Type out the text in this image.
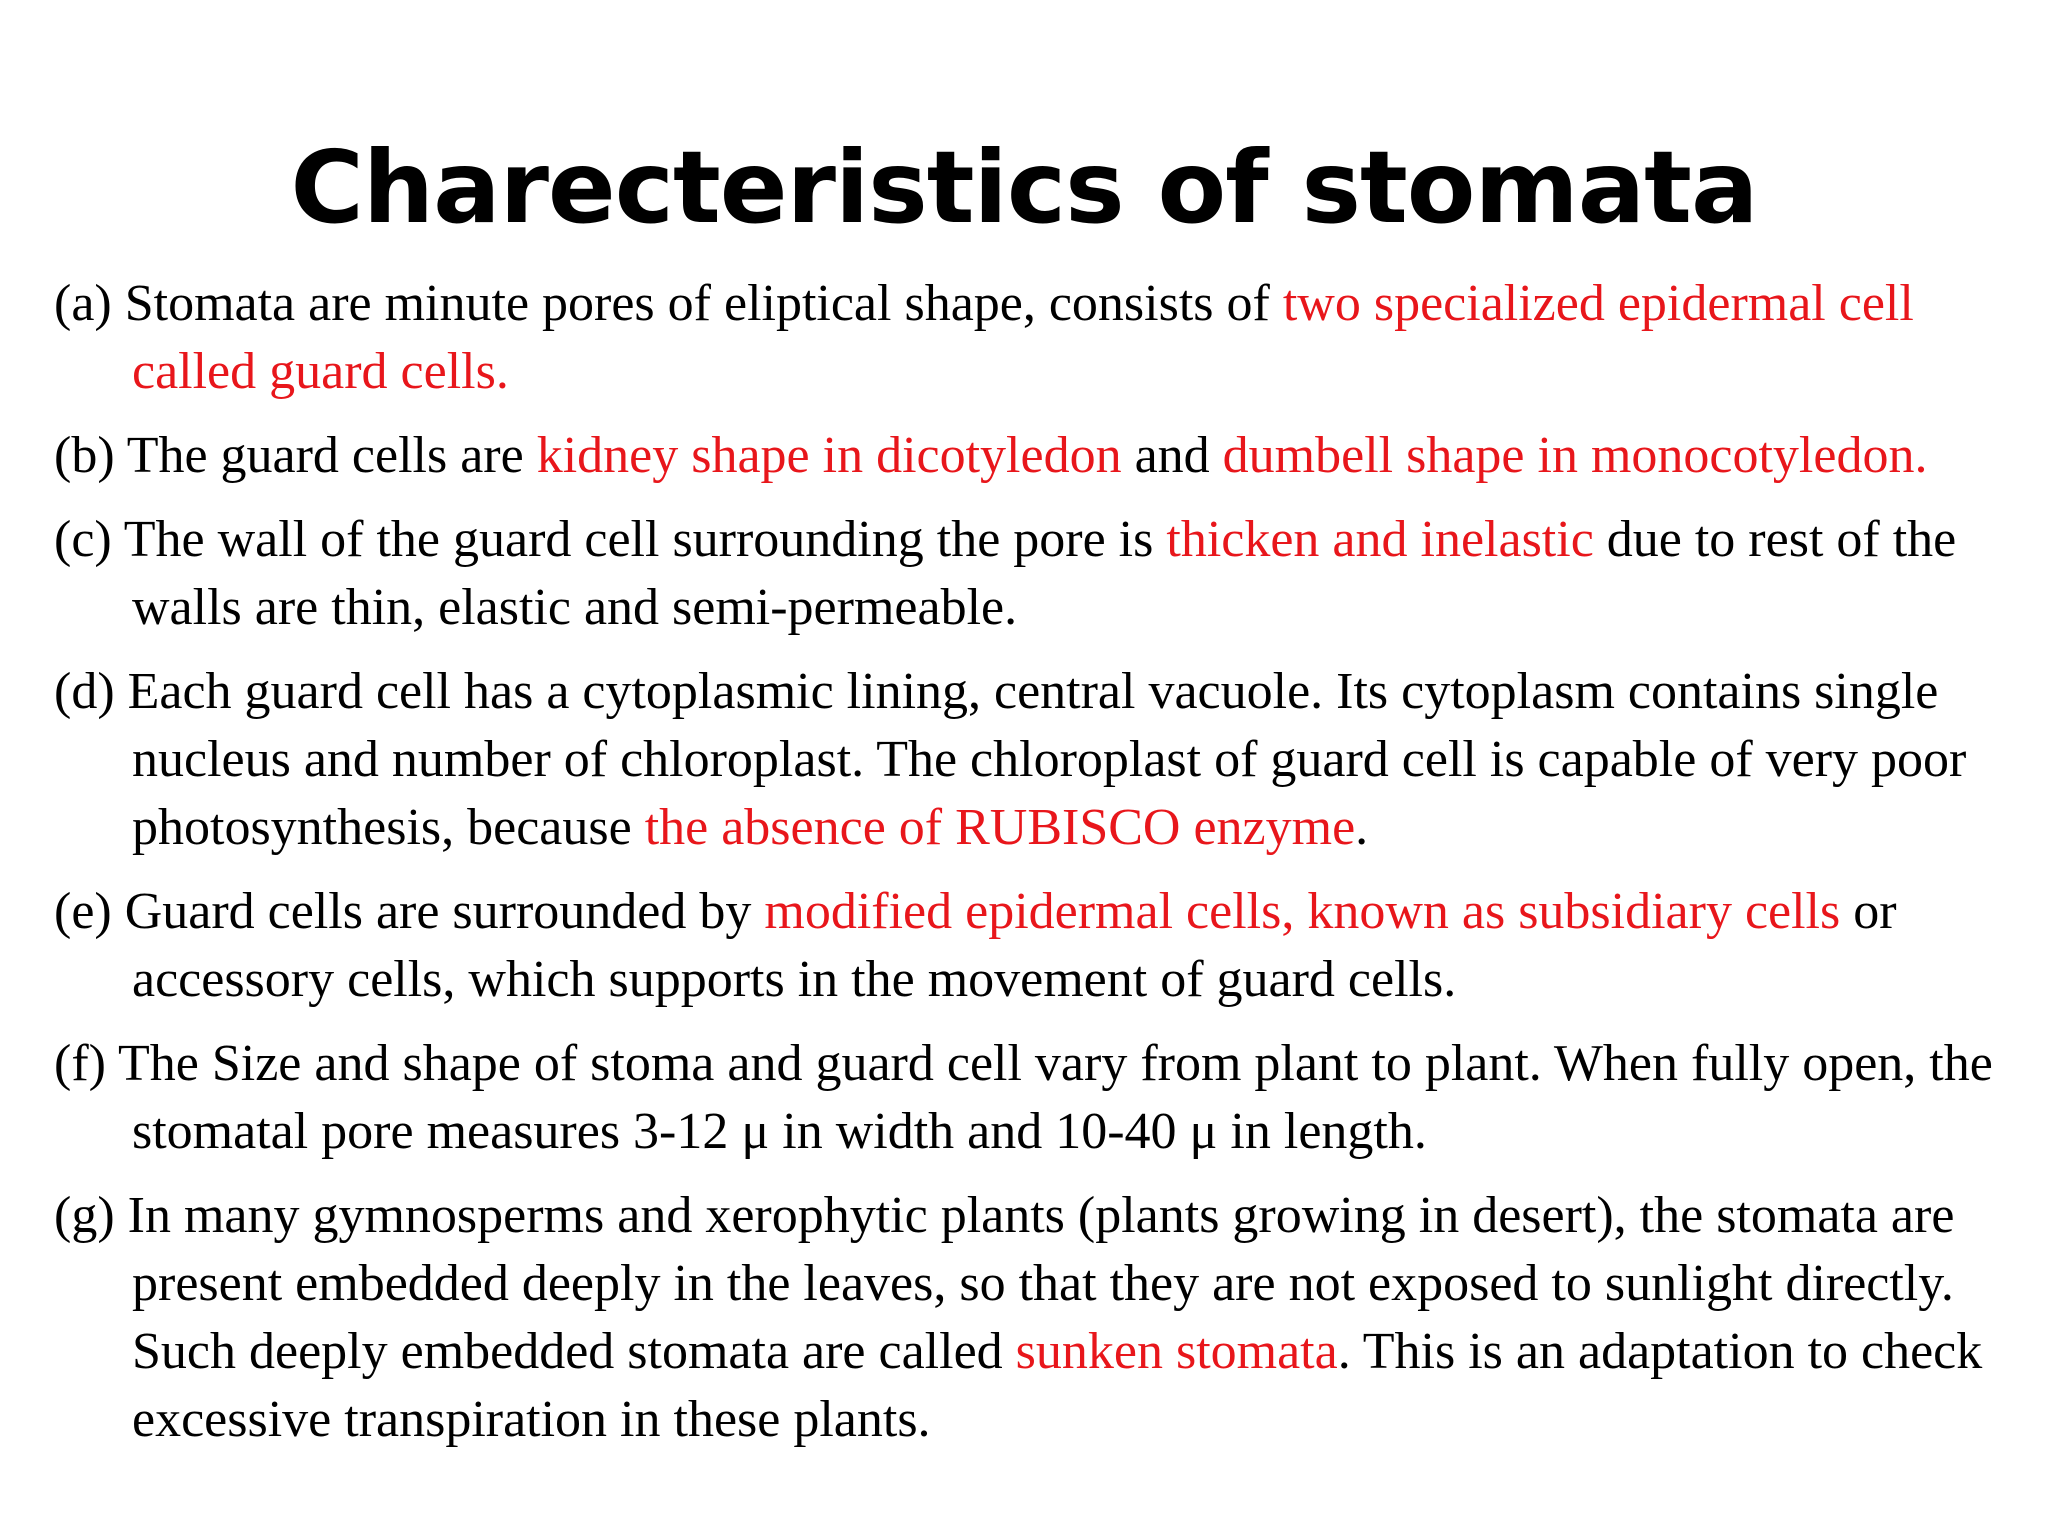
Charecteristics of stomata
(a) Stomata are minute pores of eliptical shape, consists of two specialized epidermal cell called guard cells.
(b) The guard cells are kidney shape in dicotyledon and dumbell shape in monocotyledon.
(c) The wall of the guard cell surrounding the pore is thicken and inelastic due to rest of the walls are thin, elastic and semi-permeable.
(d) Each guard cell has a cytoplasmic lining, central vacuole. Its cytoplasm contains single nucleus and number of chloroplast. The chloroplast of guard cell is capable of very poor photosynthesis, because the absence of RUBISCO enzyme.
(e) Guard cells are surrounded by modified epidermal cells, known as subsidiary cells or accessory cells, which supports in the movement of guard cells.
(f) The Size and shape of stoma and guard cell vary from plant to plant. When fully open, the stomatal pore measures 3-12 μ in width and 10-40 μ in length.
(g) In many gymnosperms and xerophytic plants (plants growing in desert), the stomata are present embedded deeply in the leaves, so that they are not exposed to sunlight directly. Such deeply embedded stomata are called sunken stomata. This is an adaptation to check excessive transpiration in these plants.
